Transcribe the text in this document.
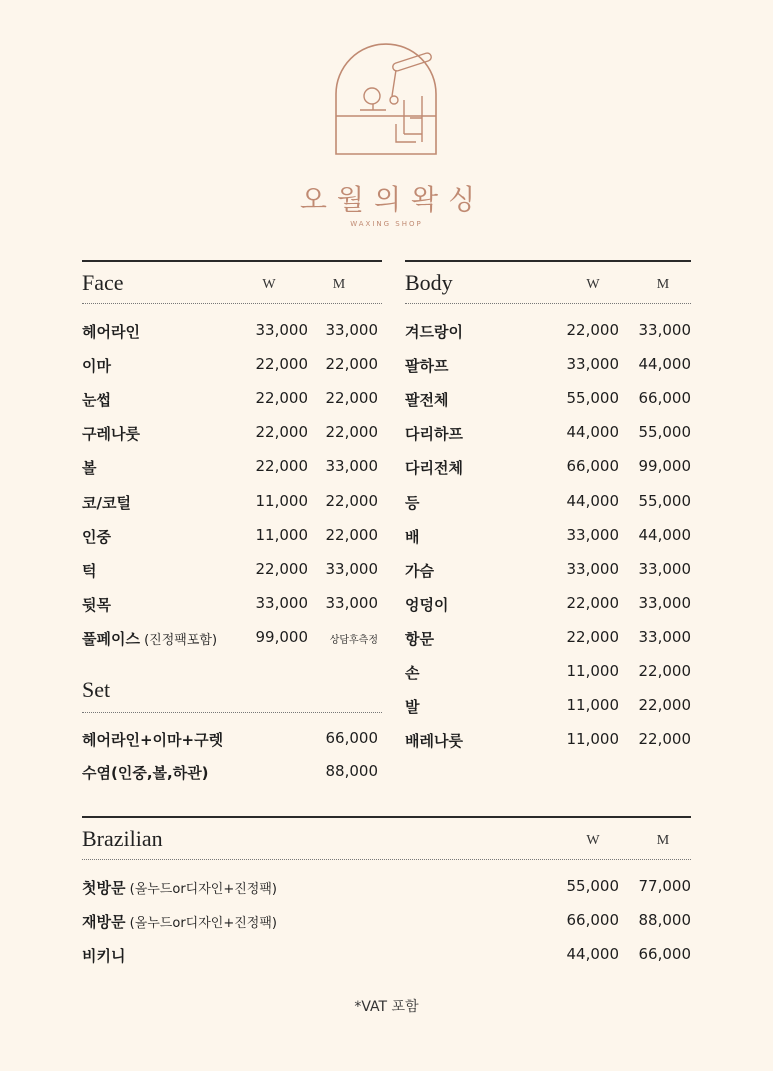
오월의왁싱
WAXING SHOP
Face	W	M
헤어라인	33,000	33,000
이마	22,000	22,000
눈썹	22,000	22,000
구레나룻	22,000	22,000
볼	22,000	33,000
코/코털	11,000	22,000
인중	11,000	22,000
턱	22,000	33,000
뒷목	33,000	33,000
풀페이스 (진정팩포함)	99,000	상담후측정
Set
헤어라인+이마+구렛	66,000
수염(인중,볼,하관)	88,000
Body	W	M
겨드랑이	22,000	33,000
팔하프	33,000	44,000
팔전체	55,000	66,000
다리하프	44,000	55,000
다리전체	66,000	99,000
등	44,000	55,000
배	33,000	44,000
가슴	33,000	33,000
엉덩이	22,000	33,000
항문	22,000	33,000
손	11,000	22,000
발	11,000	22,000
배레나룻	11,000	22,000
Brazilian	W	M
첫방문 (올누드or디자인+진정팩)	55,000	77,000
재방문 (올누드or디자인+진정팩)	66,000	88,000
비키니	44,000	66,000
*VAT 포함
